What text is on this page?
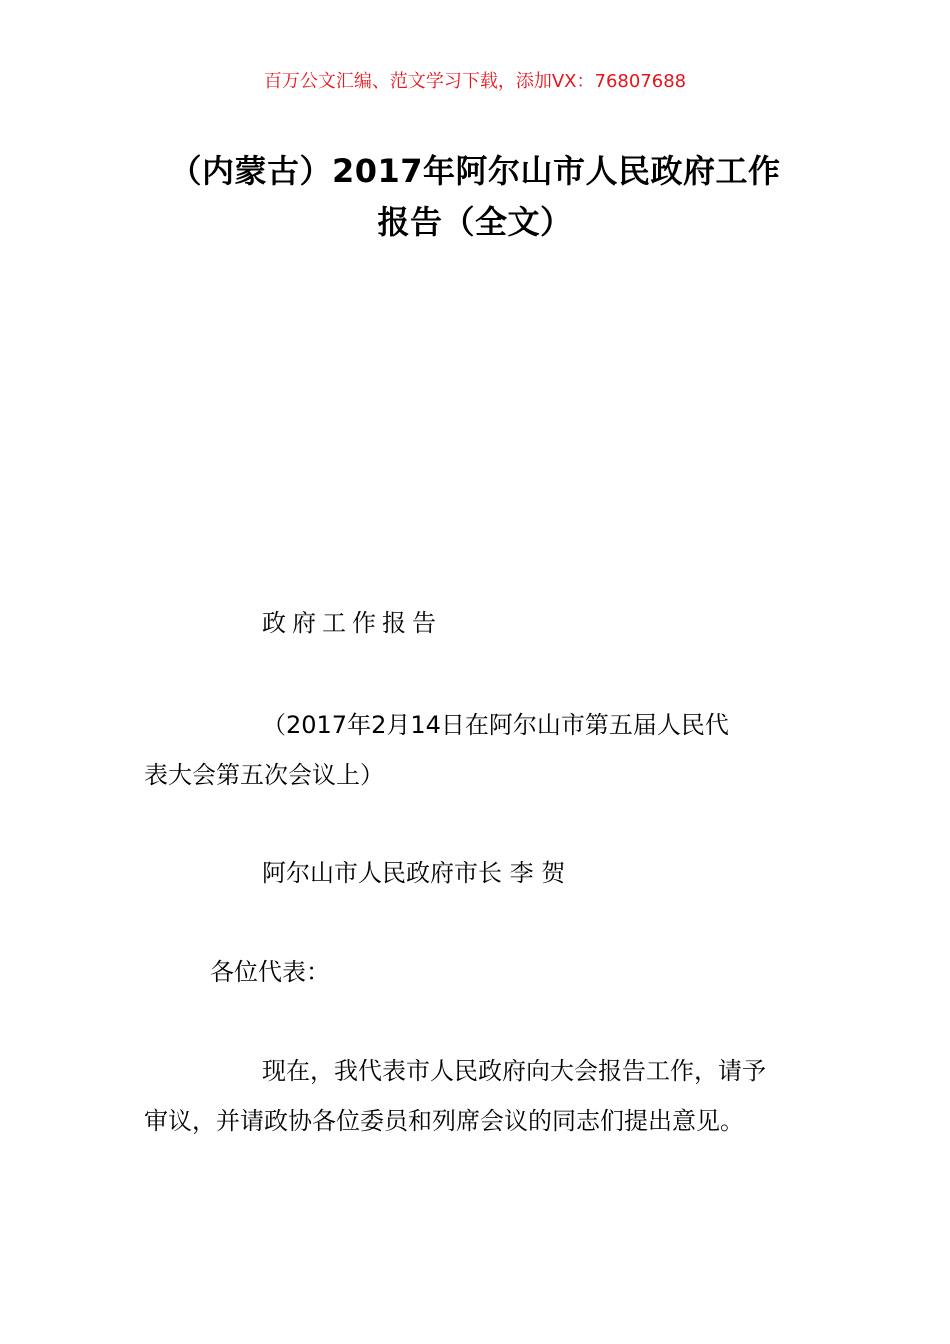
百万公文汇编、范文学习下载，添加VX：76807688
（内蒙古）2017年阿尔山市人民政府工作
报告（全文）
政府工作报告
（2017年2月14日在阿尔山市第五届人民代
表大会第五次会议上）
阿尔山市人民政府市长 李 贺
各位代表：
现在，我代表市人民政府向大会报告工作，请予
审议，并请政协各位委员和列席会议的同志们提出意见。
